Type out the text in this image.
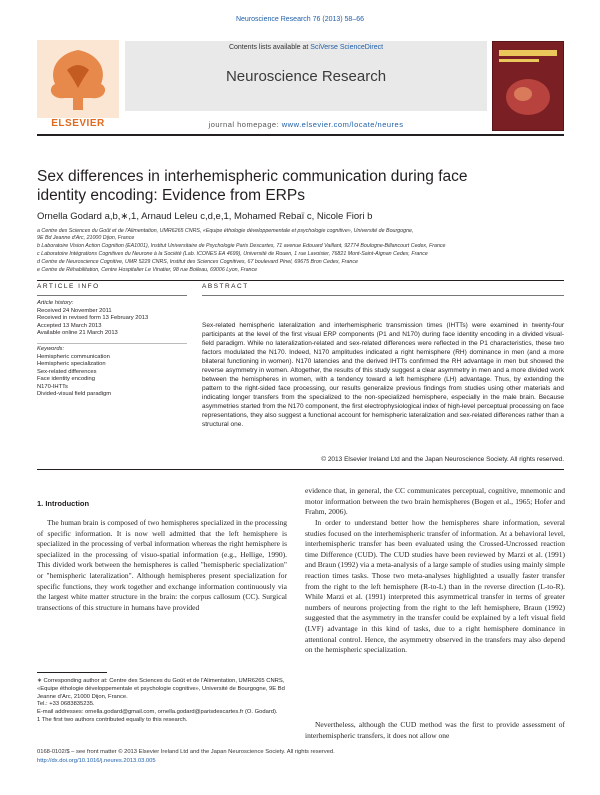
Neuroscience Research 76 (2013) 58–66
ELSEVIER
Contents lists available at SciVerse ScienceDirect
Neuroscience Research
journal homepage: www.elsevier.com/locate/neures
Sex differences in interhemispheric communication during face identity encoding: Evidence from ERPs
Ornella Godard a,b,∗,1, Arnaud Leleu c,d,e,1, Mohamed Rebaï c, Nicole Fiori b
a Centre des Sciences du Goût et de l'Alimentation, UMR6265 CNRS, «Equipe éthologie développementale et psychologie cognitive», Université de Bourgogne,
9E Bd Jeanne d'Arc, 21000 Dijon, France
b Laboratoire Vision Action Cognition (EA1001), Institut Universitaire de Psychologie Paris Descartes, 71 avenue Edouard Vaillant, 92774 Boulogne-Billancourt Cedex, France
c Laboratoire Intégrations Cognitives du Neurone à la Société (Lab. ICONES EA 4699), Université de Rouen, 1 rue Lavoisier, 76821 Mont-Saint-Aignan Cedex, France
d Centre de Neuroscience Cognitive, UMR 5229 CNRS, Institut des Sciences Cognitives, 67 boulevard Pinel, 69675 Bron Cedex, France
e Centre de Réhabilitation, Centre Hospitalier Le Vinatier, 98 rue Boileau, 69006 Lyon, France
ARTICLE INFO	ABSTRACT
Article history:
Received 24 November 2011
Received in revised form 13 February 2013
Accepted 13 March 2013
Available online 21 March 2013
Keywords:
Hemispheric communication
Hemispheric specialization
Sex-related differences
Face identity encoding
N170-IHTTs
Divided-visual field paradigm
Sex-related hemispheric lateralization and interhemispheric transmission times (IHTTs) were examined in twenty-four participants at the level of the first visual ERP components (P1 and N170) during face identity encoding in a divided visual-field paradigm. While no lateralization-related and sex-related differences were reflected in the P1 characteristics, these two factors modulated the N170. Indeed, N170 amplitudes indicated a right hemisphere (RH) dominance in men (and a more bilateral functioning in women). N170 latencies and the derived IHTTs confirmed the RH advantage in men but showed the reverse asymmetry in women. Altogether, the results of this study suggest a clear asymmetry in men and a more divided work between the hemispheres in women, with a tendency toward a left hemisphere (LH) advantage. Thus, by extending the pattern to the right-sided face processing, our results generalize previous findings from studies using other materials and indicating longer transfers from the specialized to the non-specialized hemisphere, especially in the male brain. Because asymmetries started from the N170 component, the first electrophysiological index of high-level perceptual processing on face representations, they also suggest a functional account for hemispheric lateralization and sex-related differences rather than a structural one.
© 2013 Elsevier Ireland Ltd and the Japan Neuroscience Society. All rights reserved.
1. Introduction
The human brain is composed of two hemispheres specialized in the processing of specific information. It is now well admitted that the left hemisphere is specialized in the processing of verbal information whereas the right hemisphere is specialized in the processing of visuo-spatial information (e.g., Hellige, 1990). This divided work between the hemispheres is called "hemispheric specialization" or "hemispheric lateralization". Although hemispheres present specialization for specific functions, they work together and exchange information continuously via the largest white matter structure in the brain: the corpus callosum (CC). Surgical transections of this structure in humans have provided
evidence that, in general, the CC communicates perceptual, cognitive, mnemonic and motor information between the two brain hemispheres (Bogen et al., 1965; Hofer and Frahm, 2006).
In order to understand better how the hemispheres share information, several studies focused on the interhemispheric transfer of information. At a behavioral level, interhemispheric transfer has been evaluated using the Crossed-Uncrossed reaction time Difference (CUD). The CUD studies have been reviewed by Marzi et al. (1991) and Braun (1992) via a meta-analysis of a large sample of studies using mainly simple reaction times tasks. Those two meta-analyses highlighted a usually faster transfer from the right to the left hemisphere (R-to-L) than in the reverse direction (L-to-R). While Marzi et al. (1991) interpreted this asymmetrical transfer in terms of greater numbers of neurons projecting from the right to the left hemisphere, Braun (1992) suggested that the asymmetry in the transfer could be explained by a left visual field (LVF) advantage in this kind of tasks, due to a right hemisphere dominance in attentional control. Hence, the asymmetry observed in the transfers may also depend on the hemispheric specialization.
Nevertheless, although the CUD method was the first to provide assessment of interhemispheric transfers, it does not allow one
∗ Corresponding author at: Centre des Sciences du Goût et de l'Alimentation, UMR6265 CNRS, «Equipe éthologie développementale et psychologie cognitive», Université de Bourgogne, 9E Bd Jeanne d'Arc, 21000 Dijon, France.
Tel.: +33 0683835235.
E-mail addresses: ornella.godard@gmail.com, ornella.godard@parisdescartes.fr (O. Godard).
1 The first two authors contributed equally to this research.
0168-0102/$ – see front matter © 2013 Elsevier Ireland Ltd and the Japan Neuroscience Society. All rights reserved.
http://dx.doi.org/10.1016/j.neures.2013.03.005
